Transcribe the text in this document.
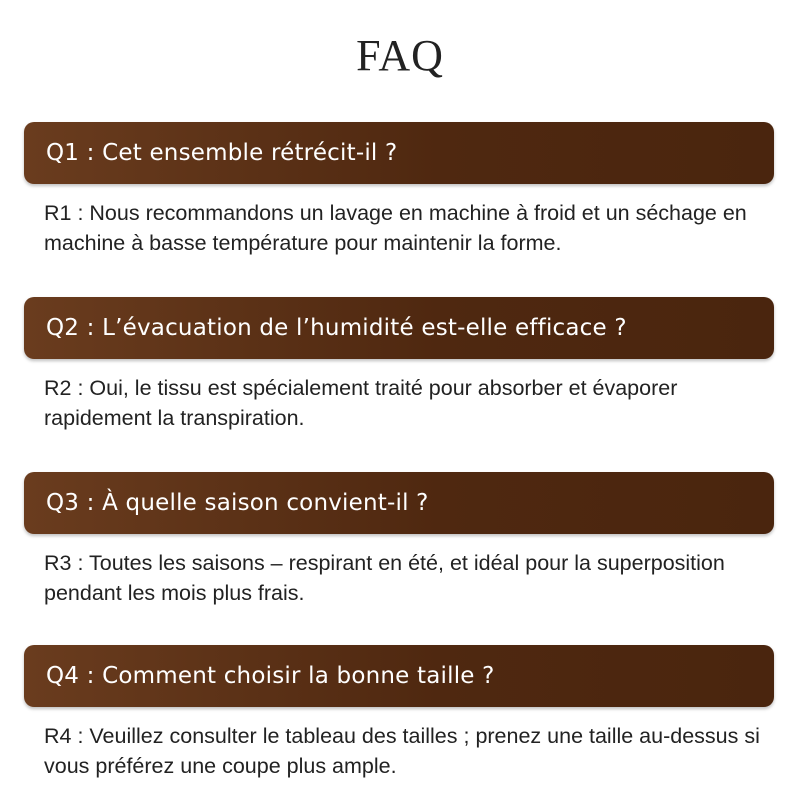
FAQ
Q1 : Cet ensemble rétrécit-il ?
R1 : Nous recommandons un lavage en machine à froid et un séchage en machine à basse température pour maintenir la forme.
Q2 : L’évacuation de l’humidité est-elle efficace ?
R2 : Oui, le tissu est spécialement traité pour absorber et évaporer rapidement la transpiration.
Q3 : À quelle saison convient-il ?
R3 : Toutes les saisons – respirant en été, et idéal pour la superposition pendant les mois plus frais.
Q4 : Comment choisir la bonne taille ?
R4 : Veuillez consulter le tableau des tailles ; prenez une taille au-dessus si vous préférez une coupe plus ample.
